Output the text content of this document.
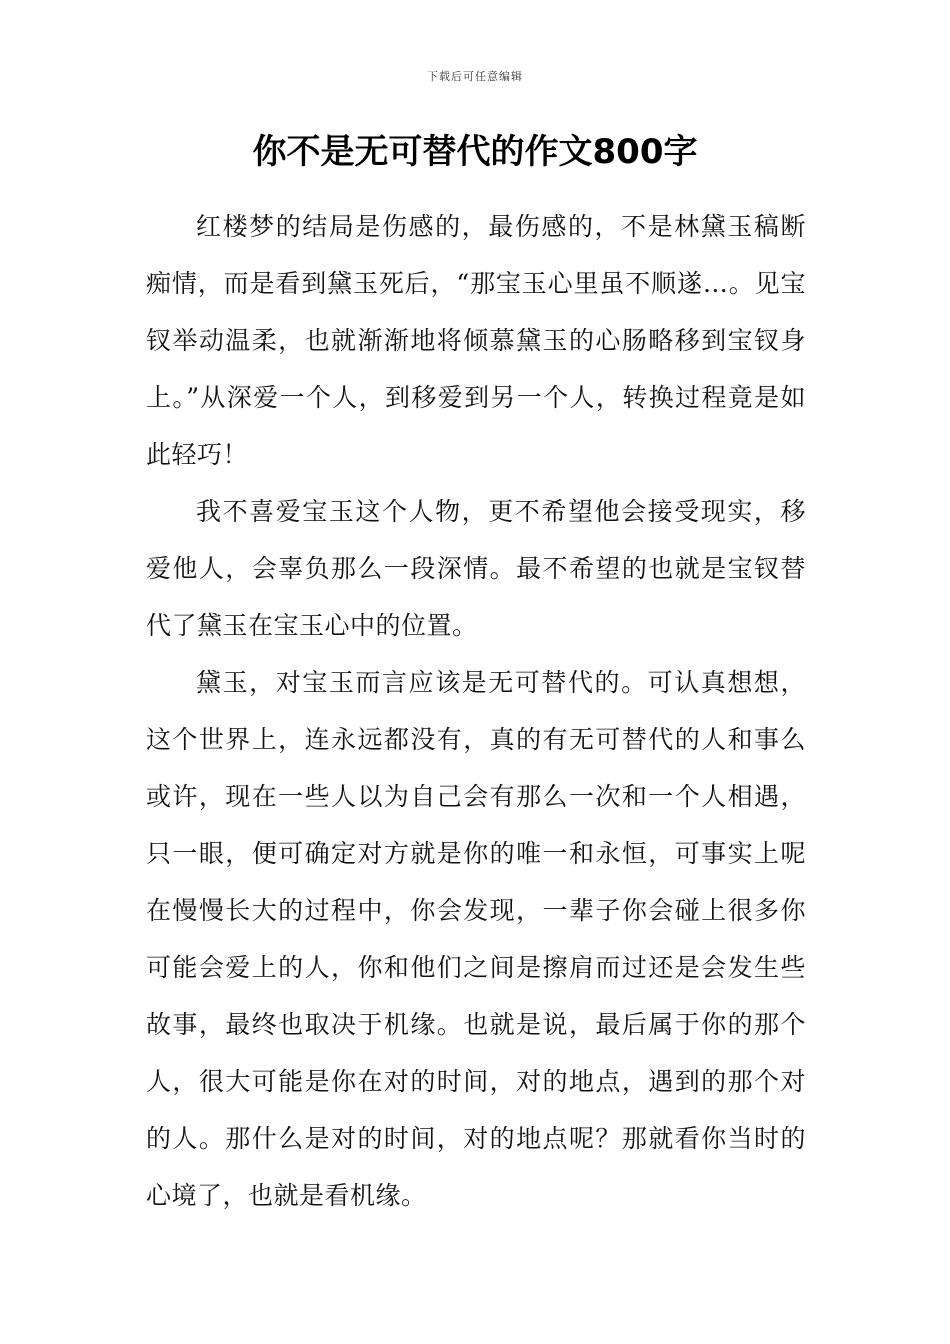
下载后可任意编辑
你不是无可替代的作文800字

红楼梦的结局是伤感的，最伤感的，不是林黛玉稿断痴情，而是看到黛玉死后，“那宝玉心里虽不顺遂…。见宝钗举动温柔，也就渐渐地将倾慕黛玉的心肠略移到宝钗身上。”从深爱一个人，到移爱到另一个人，转换过程竟是如此轻巧！

我不喜爱宝玉这个人物，更不希望他会接受现实，移爱他人，会辜负那么一段深情。最不希望的也就是宝钗替代了黛玉在宝玉心中的位置。

黛玉，对宝玉而言应该是无可替代的。可认真想想，这个世界上，连永远都没有，真的有无可替代的人和事么或许，现在一些人以为自己会有那么一次和一个人相遇，只一眼，便可确定对方就是你的唯一和永恒，可事实上呢在慢慢长大的过程中，你会发现，一辈子你会碰上很多你可能会爱上的人，你和他们之间是擦肩而过还是会发生些故事，最终也取决于机缘。也就是说，最后属于你的那个人，很大可能是你在对的时间，对的地点，遇到的那个对的人。那什么是对的时间，对的地点呢？那就看你当时的心境了，也就是看机缘。
